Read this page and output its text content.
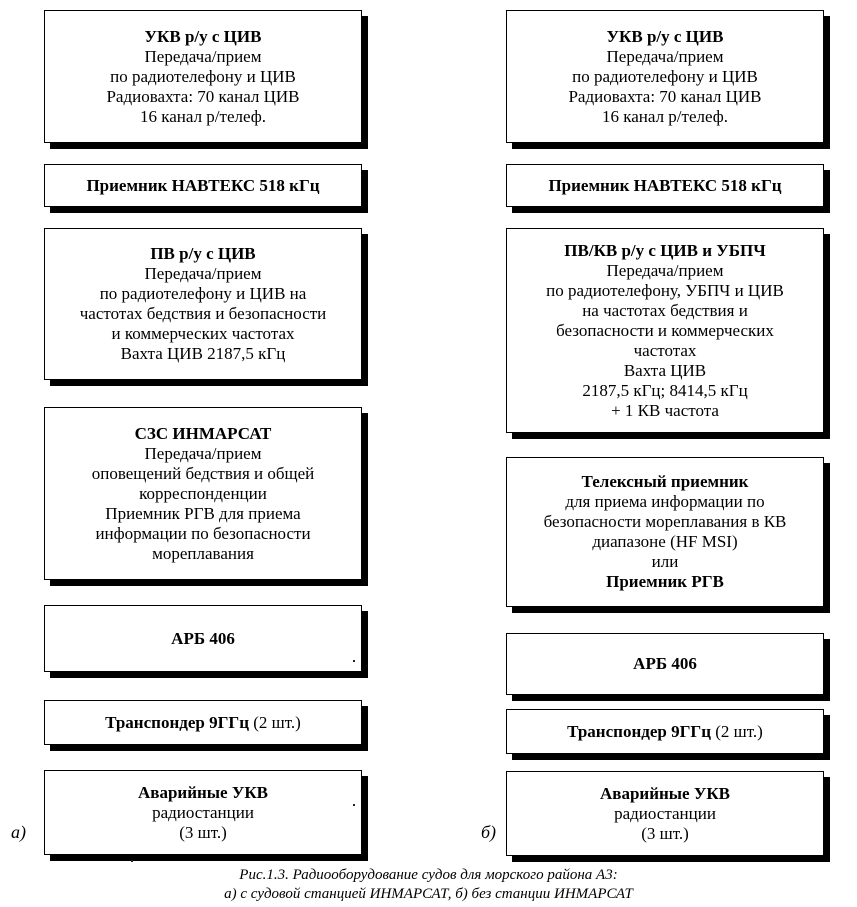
УКВ р/у с ЦИВ
Передача/прием
по радиотелефону и ЦИВ
Радиовахта: 70 канал ЦИВ
16 канал р/телеф.
Приемник НАВТЕКС 518 кГц
ПВ р/у с ЦИВ
Передача/прием
по радиотелефону и ЦИВ на
частотах бедствия и безопасности
и коммерческих частотах
Вахта ЦИВ 2187,5 кГц
СЗС ИНМАРСАТ
Передача/прием
оповещений бедствия и общей
корреспонденции
Приемник РГВ для приема
информации по безопасности
мореплавания
АРБ 406
Транспондер 9ГГц (2 шт.)
Аварийные УКВ
радиостанции
(3 шт.)
а)
УКВ р/у с ЦИВ
Передача/прием
по радиотелефону и ЦИВ
Радиовахта: 70 канал ЦИВ
16 канал р/телеф.
Приемник НАВТЕКС 518 кГц
ПВ/КВ р/у с ЦИВ и УБПЧ
Передача/прием
по радиотелефону, УБПЧ и ЦИВ
на частотах бедствия и
безопасности и коммерческих
частотах
Вахта ЦИВ
2187,5 кГц; 8414,5 кГц
+ 1 КВ частота
Телексный приемник
для приема информации по
безопасности мореплавания в КВ
диапазоне (HF MSI)
или
Приемник РГВ
АРБ 406
Транспондер 9ГГц (2 шт.)
Аварийные УКВ
радиостанции
(3 шт.)
б)
Рис.1.3. Радиооборудование судов для морского района А3:
а) с судовой станцией ИНМАРСАТ, б) без станции ИНМАРСАТ
